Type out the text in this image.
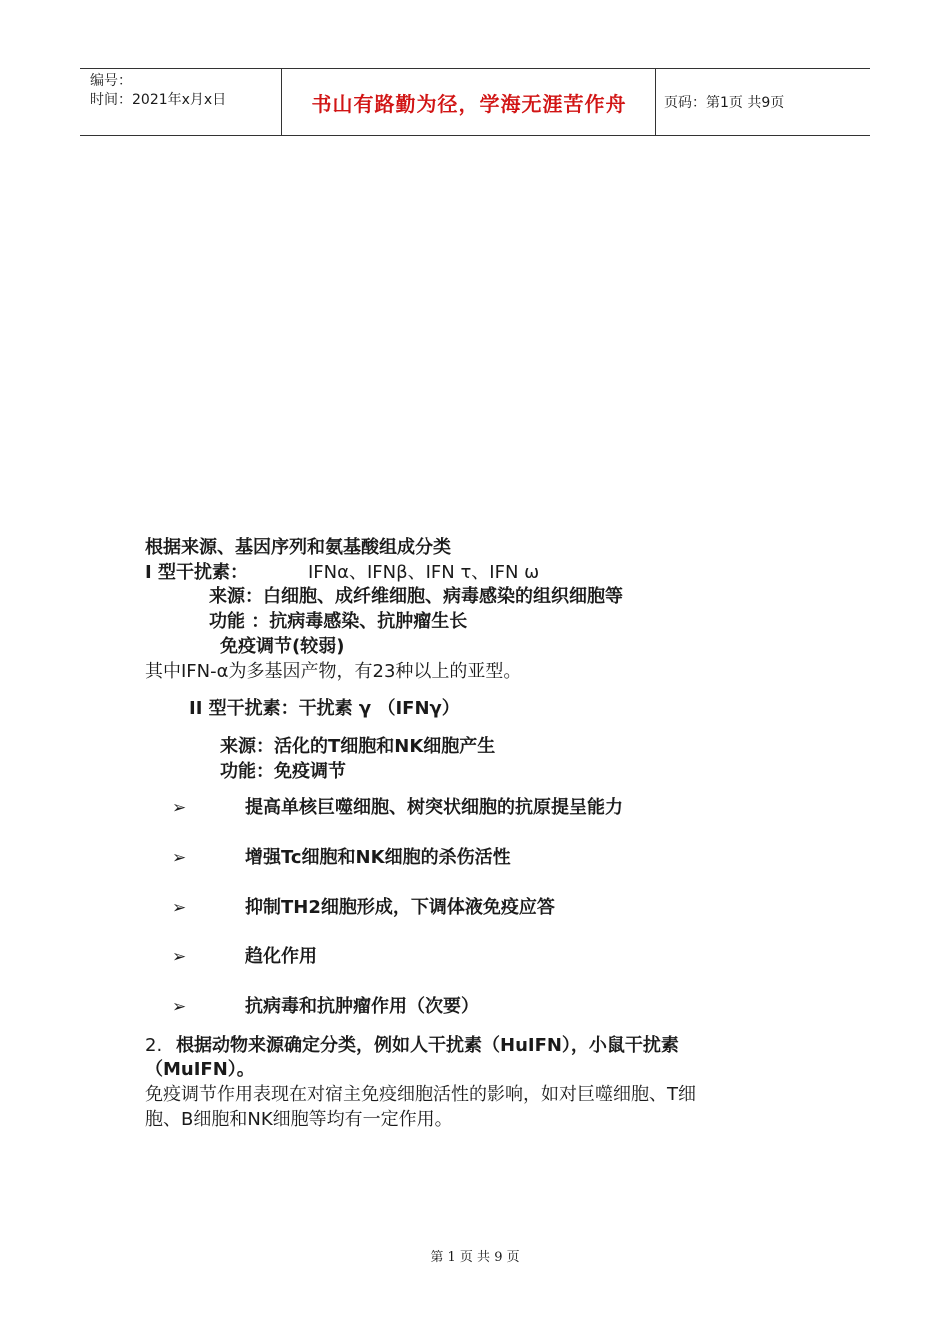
编号：
时间：2021年x月x日	书山有路勤为径，学海无涯苦作舟	页码：第1页 共9页
根据来源、基因序列和氨基酸组成分类
I 型干扰素：	IFNα、IFNβ、IFN τ、IFN ω
来源：白细胞、成纤维细胞、病毒感染的组织细胞等
功能 ：抗病毒感染、抗肿瘤生长
免疫调节(较弱)
其中IFN-α为多基因产物，有23种以上的亚型。
II 型干扰素：干扰素 γ （IFNγ）
来源：活化的T细胞和NK细胞产生
功能：免疫调节
➢	提高单核巨噬细胞、树突状细胞的抗原提呈能力
➢	增强Tc细胞和NK细胞的杀伤活性
➢	抑制TH2细胞形成，下调体液免疫应答
➢	趋化作用
➢	抗病毒和抗肿瘤作用（次要）
2. 根据动物来源确定分类，例如人干扰素（HuIFN），小鼠干扰素
（MuIFN）。
免疫调节作用表现在对宿主免疫细胞活性的影响，如对巨噬细胞、T细
胞、B细胞和NK细胞等均有一定作用。
第 1 页 共 9 页
